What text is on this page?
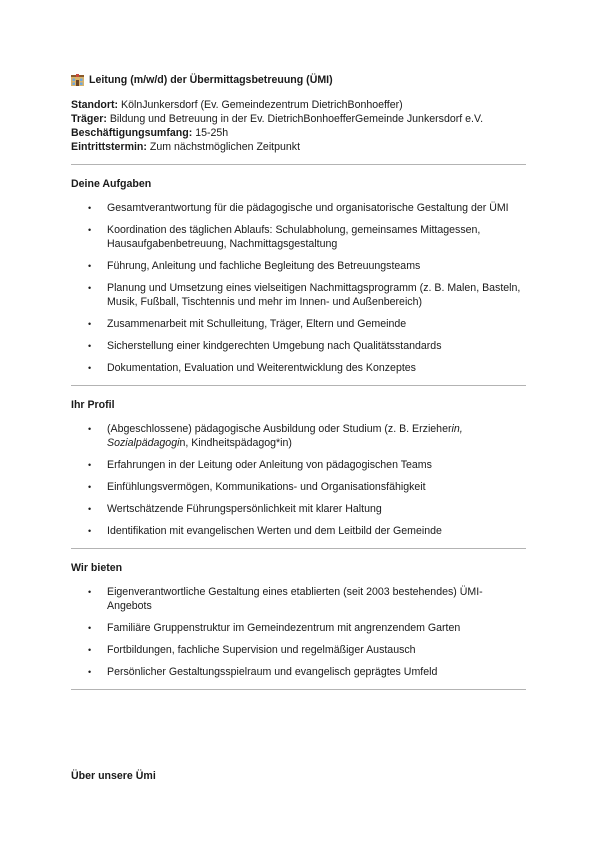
Leitung (m/w/d) der Übermittagsbetreuung (ÜMI)
Standort: KölnJunkersdorf (Ev. Gemeindezentrum DietrichBonhoeffer)
Träger: Bildung und Betreuung in der Ev. DietrichBonhoefferGemeinde Junkersdorf e.V.
Beschäftigungsumfang: 15-25h
Eintrittstermin: Zum nächstmöglichen Zeitpunkt
Deine Aufgaben
• Gesamtverantwortung für die pädagogische und organisatorische Gestaltung der ÜMI
• Koordination des täglichen Ablaufs: Schulabholung, gemeinsames Mittagessen, Hausaufgabenbetreuung, Nachmittagsgestaltung
• Führung, Anleitung und fachliche Begleitung des Betreuungsteams
• Planung und Umsetzung eines vielseitigen Nachmittagsprogramm (z. B. Malen, Basteln, Musik, Fußball, Tischtennis und mehr im Innen- und Außenbereich)
• Zusammenarbeit mit Schulleitung, Träger, Eltern und Gemeinde
• Sicherstellung einer kindgerechten Umgebung nach Qualitätsstandards
• Dokumentation, Evaluation und Weiterentwicklung des Konzeptes
Ihr Profil
• (Abgeschlossene) pädagogische Ausbildung oder Studium (z. B. Erzieherin, Sozialpädagogin, Kindheitspädagog*in)
• Erfahrungen in der Leitung oder Anleitung von pädagogischen Teams
• Einfühlungsvermögen, Kommunikations- und Organisationsfähigkeit
• Wertschätzende Führungspersönlichkeit mit klarer Haltung
• Identifikation mit evangelischen Werten und dem Leitbild der Gemeinde
Wir bieten
• Eigenverantwortliche Gestaltung eines etablierten (seit 2003 bestehendes) ÜMI-Angebots
• Familiäre Gruppenstruktur im Gemeindezentrum mit angrenzendem Garten
• Fortbildungen, fachliche Supervision und regelmäßiger Austausch
• Persönlicher Gestaltungsspielraum und evangelisch geprägtes Umfeld
Über unsere Ümi
